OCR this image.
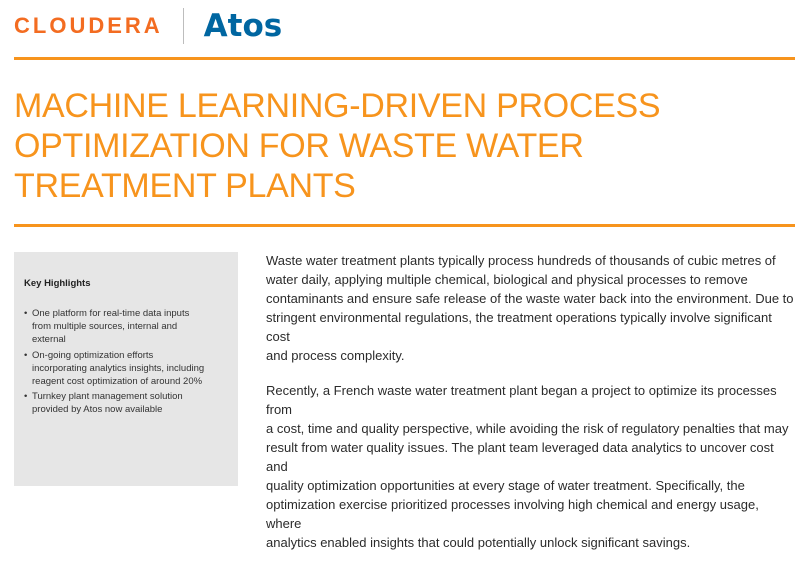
CLOUDERA Atos
MACHINE LEARNING-DRIVEN PROCESS
OPTIMIZATION FOR WASTE WATER
TREATMENT PLANTS
Key Highlights
• One platform for real-time data inputs
from multiple sources, internal and
external
• On-going optimization efforts
incorporating analytics insights, including
reagent cost optimization of around 20%
• Turnkey plant management solution
provided by Atos now available

Waste water treatment plants typically process hundreds of thousands of cubic metres of
water daily, applying multiple chemical, biological and physical processes to remove
contaminants and ensure safe release of the waste water back into the environment. Due to
stringent environmental regulations, the treatment operations typically involve significant cost
and process complexity.

Recently, a French waste water treatment plant began a project to optimize its processes from
a cost, time and quality perspective, while avoiding the risk of regulatory penalties that may
result from water quality issues. The plant team leveraged data analytics to uncover cost and
quality optimization opportunities at every stage of water treatment. Specifically, the
optimization exercise prioritized processes involving high chemical and energy usage, where
analytics enabled insights that could potentially unlock significant savings.
